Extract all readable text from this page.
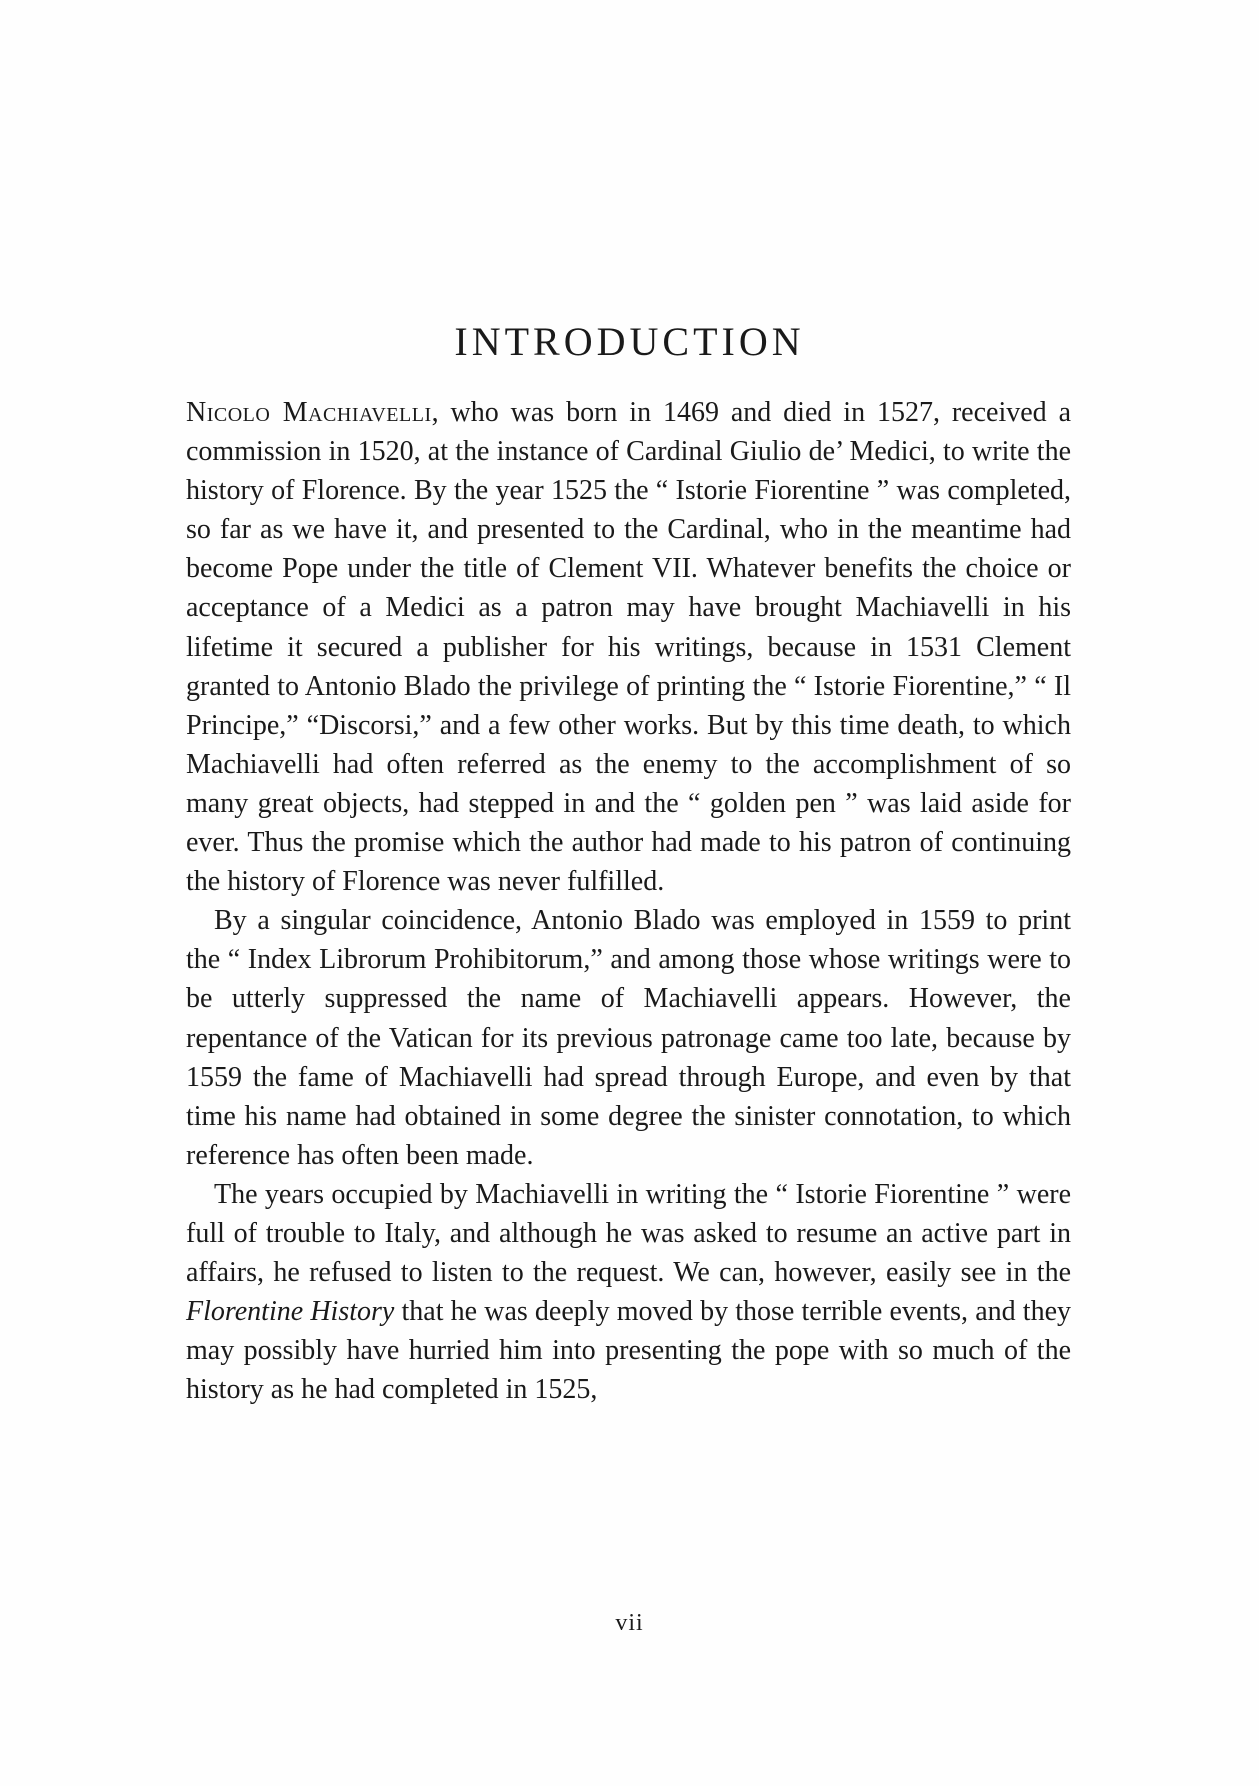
INTRODUCTION

Nicolo Machiavelli, who was born in 1469 and died in 1527, received a commission in 1520, at the instance of Cardinal Giulio de’ Medici, to write the history of Florence. By the year 1525 the “ Istorie Fiorentine ” was completed, so far as we have it, and presented to the Cardinal, who in the meantime had become Pope under the title of Clement VII. Whatever benefits the choice or acceptance of a Medici as a patron may have brought Machiavelli in his lifetime it secured a publisher for his writings, because in 1531 Clement granted to Antonio Blado the privilege of printing the “ Istorie Fiorentine,” “ Il Principe,” “Discorsi,” and a few other works. But by this time death, to which Machiavelli had often referred as the enemy to the accomplishment of so many great objects, had stepped in and the “ golden pen ” was laid aside for ever. Thus the promise which the author had made to his patron of continuing the history of Florence was never fulfilled.

By a singular coincidence, Antonio Blado was employed in 1559 to print the “ Index Librorum Prohibitorum,” and among those whose writings were to be utterly suppressed the name of Machiavelli appears. However, the repentance of the Vatican for its previous patronage came too late, because by 1559 the fame of Machiavelli had spread through Europe, and even by that time his name had obtained in some degree the sinister connotation, to which reference has often been made.

The years occupied by Machiavelli in writing the “ Istorie Fiorentine ” were full of trouble to Italy, and although he was asked to resume an active part in affairs, he refused to listen to the request. We can, however, easily see in the Florentine History that he was deeply moved by those terrible events, and they may possibly have hurried him into presenting the pope with so much of the history as he had completed in 1525,

vii
